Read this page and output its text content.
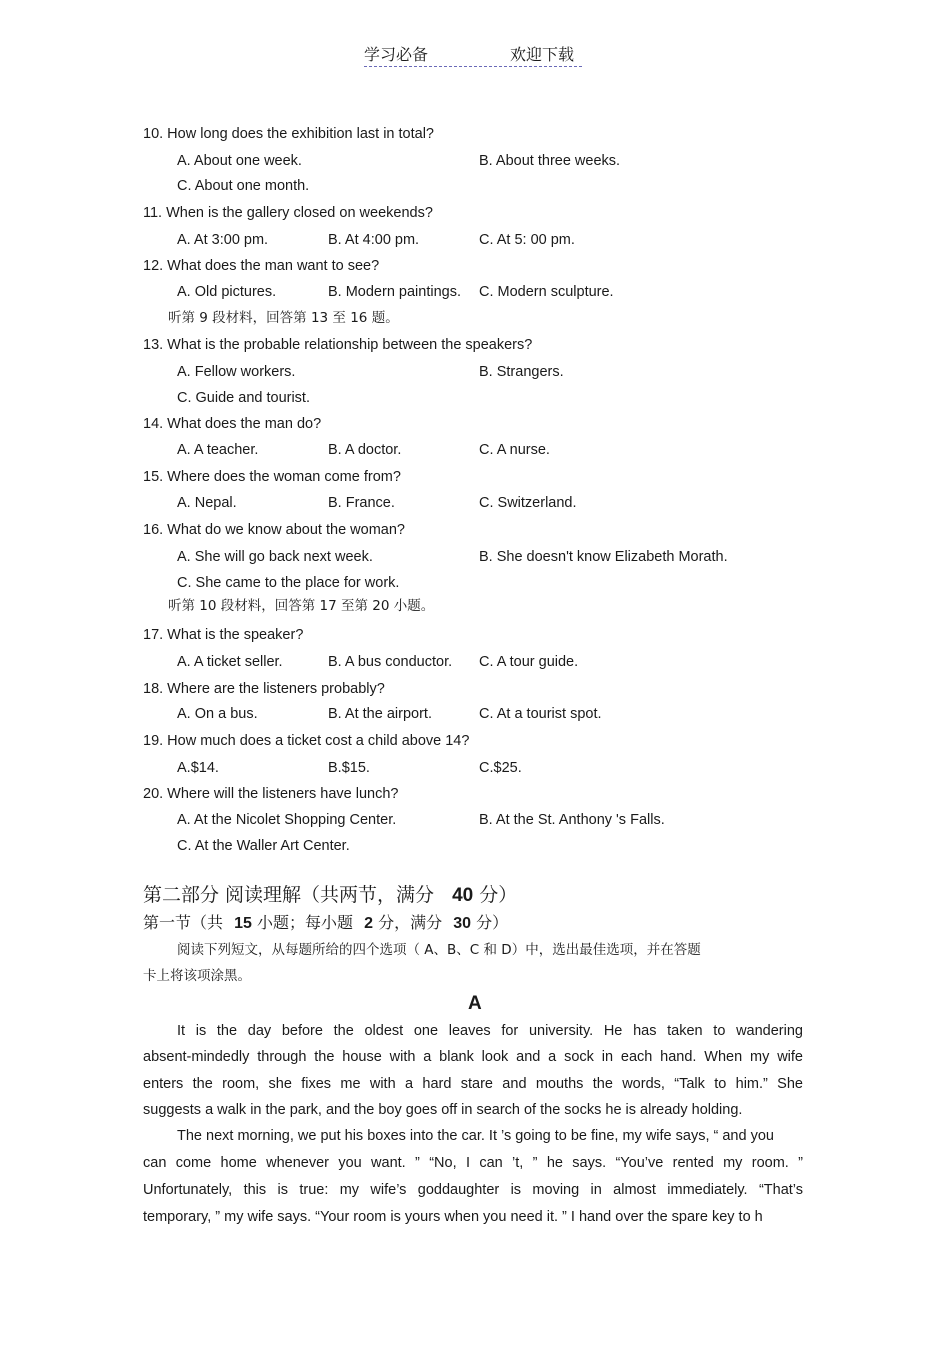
学习必备	欢迎下载
10. How long does the exhibition last in total?
A. About one week.	B. About three weeks.
C. About one month.
11. When is the gallery closed on weekends?
A. At 3:00 pm.	B. At 4:00 pm.	C. At 5: 00 pm.
12. What does the man want to see?
A. Old pictures.	B. Modern paintings. C. Modern sculpture.
听第 9 段材料，回答第 13 至 16 题。
13. What is the probable relationship between the speakers?
A. Fellow workers.	B. Strangers.
C. Guide and tourist.
14. What does the man do?
A. A teacher.	B. A doctor.	C. A nurse.
15. Where does the woman come from?
A. Nepal.	B. France.	C. Switzerland.
16. What do we know about the woman?
A. She will go back next week.	B. She doesn't know Elizabeth Morath.
C. She came to the place for work.
听第 10 段材料，回答第 17 至第 20 小题。
17. What is the speaker?
A. A ticket seller.	B. A bus conductor. C. A tour guide.
18. Where are the listeners probably?
A. On a bus.	B. At the airport.	C. At a tourist spot.
19. How much does a ticket cost a child above 14?
A.$14.	B.$15.	C.$25.
20. Where will the listeners have lunch?
A. At the Nicolet Shopping Center.	B. At the St. Anthony 's Falls.
C. At the Waller Art Center.
第二部分 阅读理解（共两节，满分 40 分）
第一节（共 15 小题；每小题 2 分，满分 30 分）
阅读下列短文，从每题所给的四个选项（ A、B、C 和 D）中，选出最佳选项，并在答题
卡上将该项涂黑。
A
It is the day before the oldest one leaves for university. He has taken to wandering
absent-mindedly through the house with a blank look and a sock in each hand. When my wife
enters the room, she fixes me with a hard stare and mouths the words, “Talk to him.” She
suggests a walk in the park, and the boy goes off in search of the socks he is already holding.
The next morning, we put his boxes into the car. It ’s going to be fine, my wife says, “ and you
can come home whenever you want. ” “No, I can ’t, ” he says. “You’ve rented my room. ”
Unfortunately, this is true: my wife’s goddaughter is moving in almost immediately. “That’s
temporary, ” my wife says. “Your room is yours when you need it. ” I hand over the spare key to h
